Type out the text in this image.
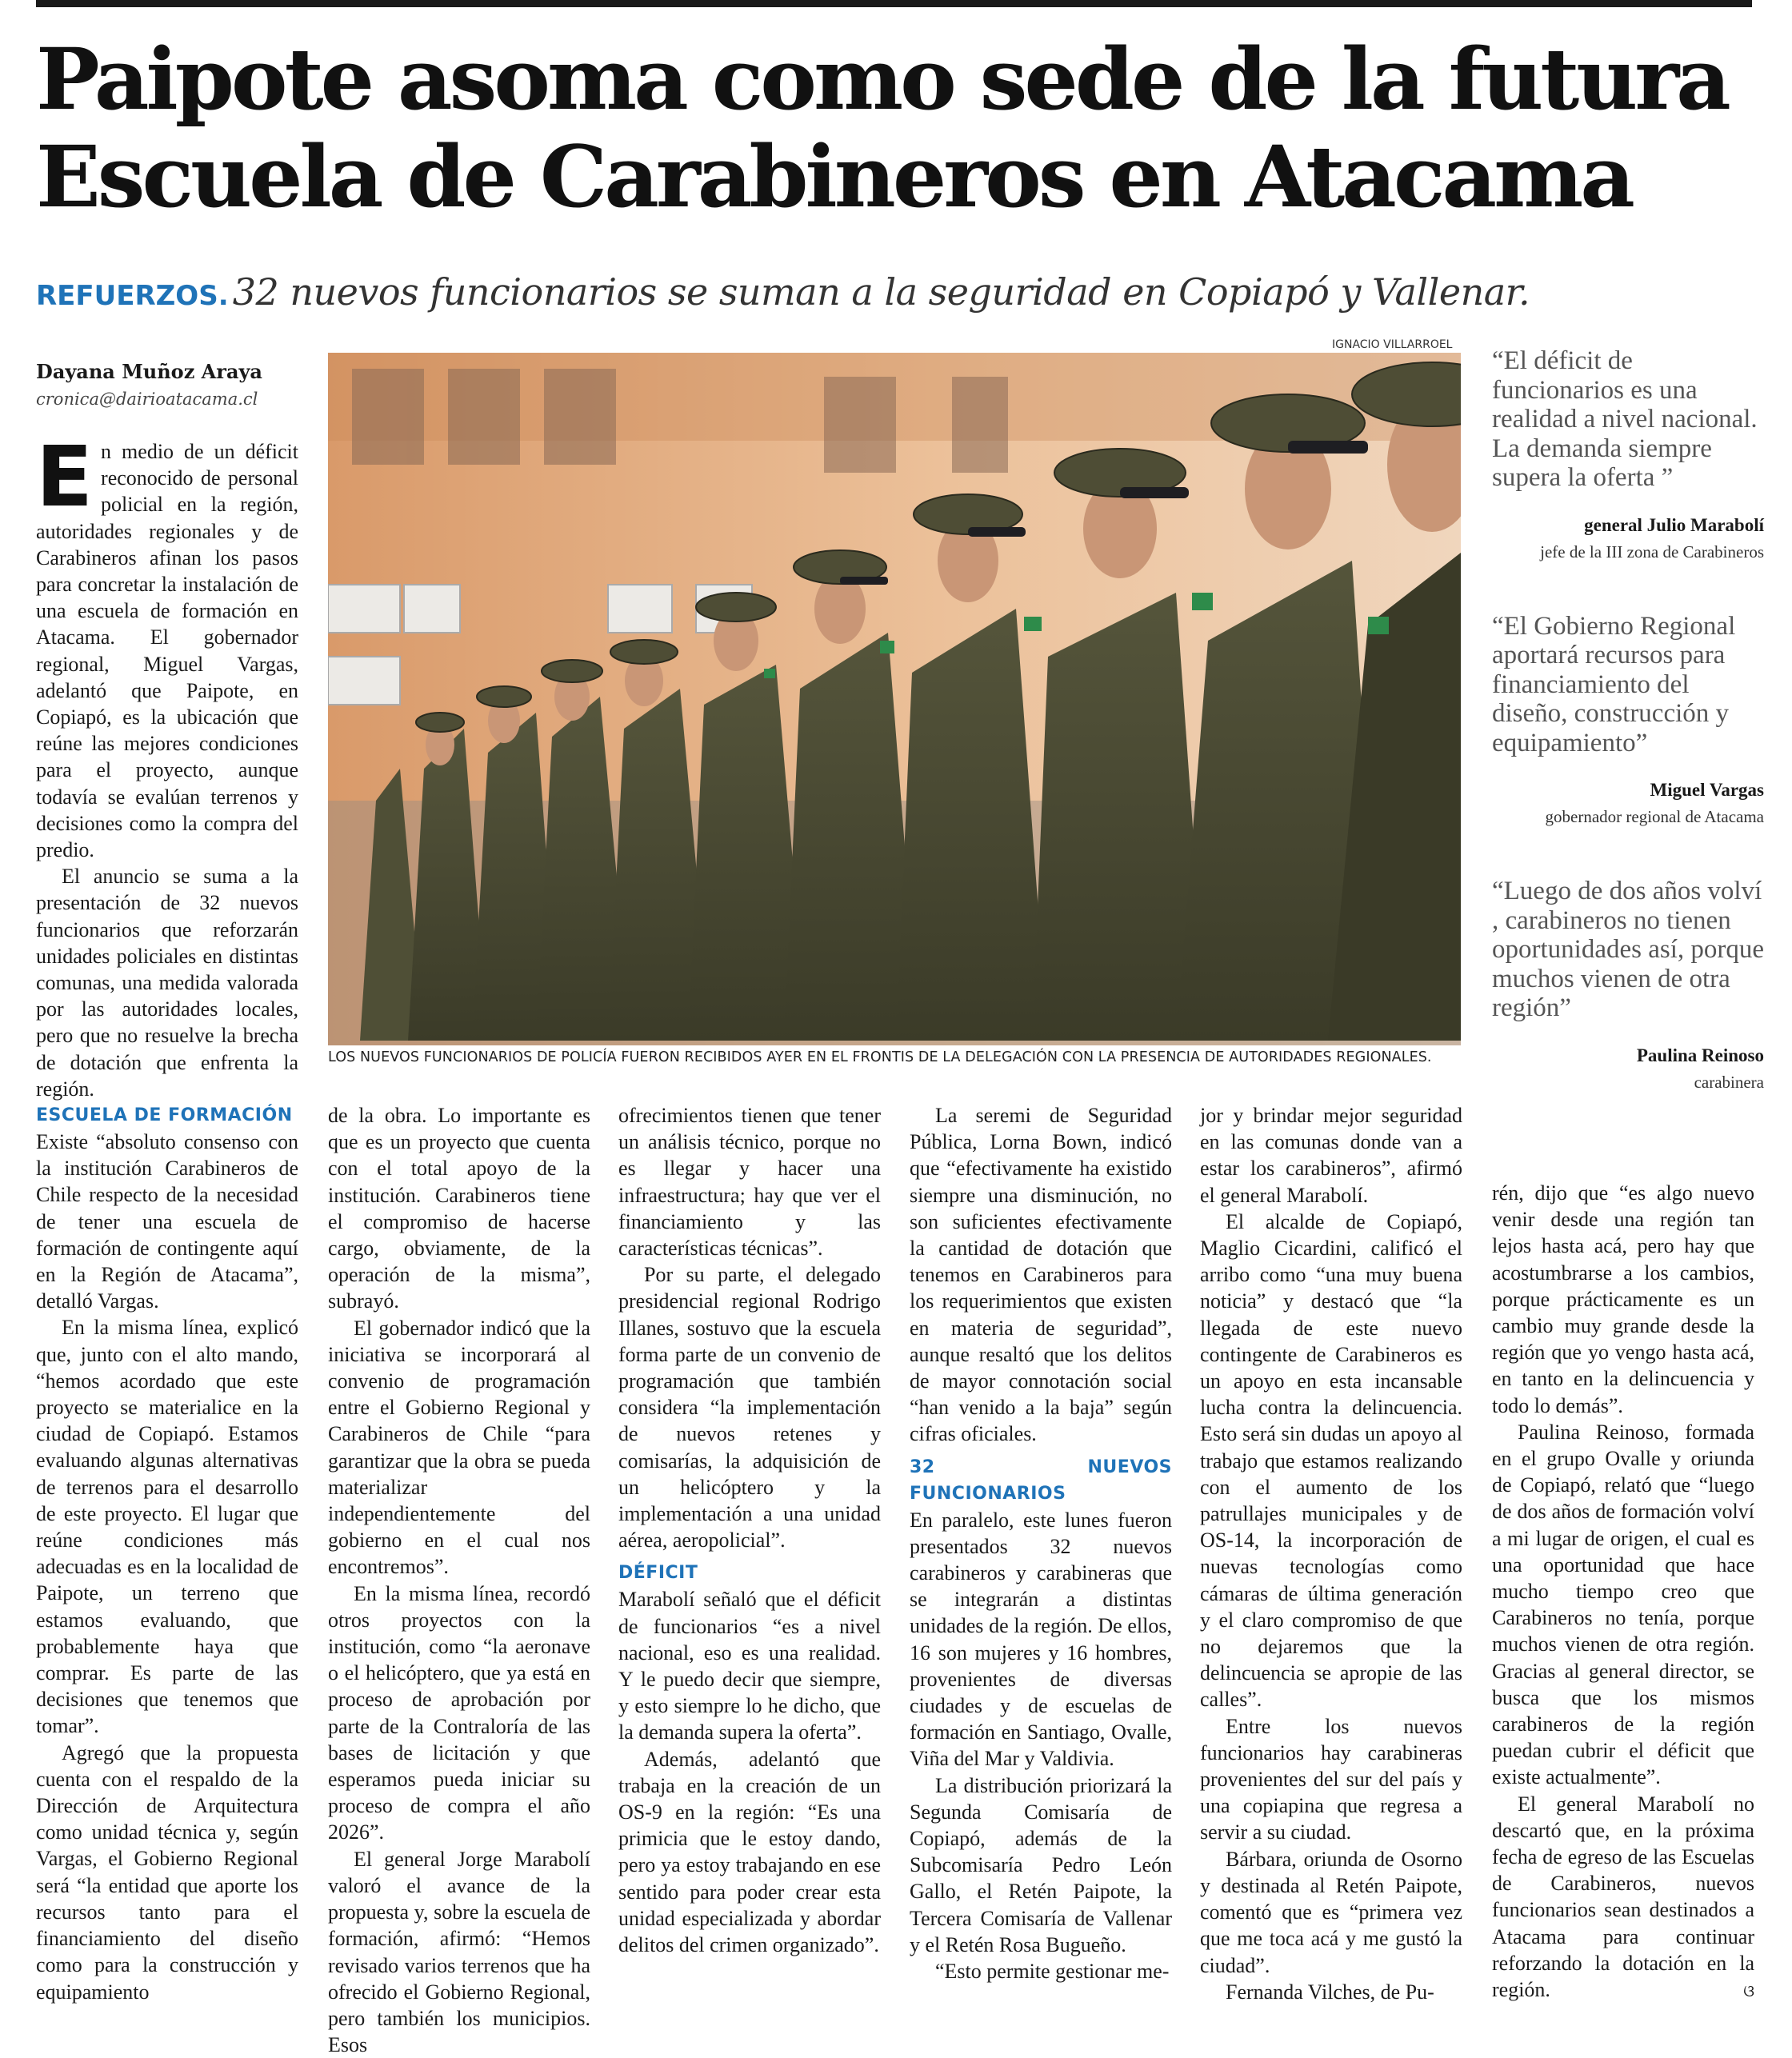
Paipote asoma como sede de la futura Escuela de Carabineros en Atacama
REFUERZOS. 32 nuevos funcionarios se suman a la seguridad en Copiapó y Vallenar.
Dayana Muñoz Araya
cronica@dairioatacama.cl
IGNACIO VILLARROEL
LOS NUEVOS FUNCIONARIOS DE POLICÍA FUERON RECIBIDOS AYER EN EL FRONTIS DE LA DELEGACIÓN CON LA PRESENCIA DE AUTORIDADES REGIONALES.
“El déficit de funcionarios es una realidad a nivel nacional. La demanda siempre supera la oferta ”
general Julio Marabolí
jefe de la III zona de Carabineros
“El Gobierno Regional aportará recursos para financiamiento del diseño, construcción y equipamiento”
Miguel Vargas
gobernador regional de Atacama
“Luego de dos años volví , carabineros no tienen oportunidades así, porque muchos vienen de otra región”
Paulina Reinoso
carabinera

En medio de un déficit reconocido de personal policial en la región, autoridades regionales y de Carabineros afinan los pasos para concretar la instalación de una escuela de formación en Atacama. El gobernador regional, Miguel Vargas, adelantó que Paipote, en Copiapó, es la ubicación que reúne las mejores condiciones para el proyecto, aunque todavía se evalúan terrenos y decisiones como la compra del predio.

El anuncio se suma a la presentación de 32 nuevos funcionarios que reforzarán unidades policiales en distintas comunas, una medida valorada por las autoridades locales, pero que no resuelve la brecha de dotación que enfrenta la región.

ESCUELA DE FORMACIÓN

Existe “absoluto consenso con la institución Carabineros de Chile respecto de la necesidad de tener una escuela de formación de contingente aquí en la Región de Atacama”, detalló Vargas.

En la misma línea, explicó que, junto con el alto mando, “hemos acordado que este proyecto se materialice en la ciudad de Copiapó. Estamos evaluando algunas alternativas de terrenos para el desarrollo de este proyecto. El lugar que reúne condiciones más adecuadas es en la localidad de Paipote, un terreno que estamos evaluando, que probablemente haya que comprar. Es parte de las decisiones que tenemos que tomar”.

Agregó que la propuesta cuenta con el respaldo de la Dirección de Arquitectura como unidad técnica y, según Vargas, el Gobierno Regional será “la entidad que aporte los recursos tanto para el financiamiento del diseño como para la construcción y equipamiento

de la obra. Lo importante es que es un proyecto que cuenta con el total apoyo de la institución. Carabineros tiene el compromiso de hacerse cargo, obviamente, de la operación de la misma”, subrayó.

El gobernador indicó que la iniciativa se incorporará al convenio de programación entre el Gobierno Regional y Carabineros de Chile “para garantizar que la obra se pueda materializar independientemente del gobierno en el cual nos encontremos”.

En la misma línea, recordó otros proyectos con la institución, como “la aeronave o el helicóptero, que ya está en proceso de aprobación por parte de la Contraloría de las bases de licitación y que esperamos pueda iniciar su proceso de compra el año 2026”.

El general Jorge Marabolí valoró el avance de la propuesta y, sobre la escuela de formación, afirmó: “Hemos revisado varios terrenos que ha ofrecido el Gobierno Regional, pero también los municipios. Esos

ofrecimientos tienen que tener un análisis técnico, porque no es llegar y hacer una infraestructura; hay que ver el financiamiento y las características técnicas”.

Por su parte, el delegado presidencial regional Rodrigo Illanes, sostuvo que la escuela forma parte de un convenio de programación que también considera “la implementación de nuevos retenes y comisarías, la adquisición de un helicóptero y la implementación a una unidad aérea, aeropolicial”.

DÉFICIT

Marabolí señaló que el déficit de funcionarios “es a nivel nacional, eso es una realidad. Y le puedo decir que siempre, y esto siempre lo he dicho, que la demanda supera la oferta”.

Además, adelantó que trabaja en la creación de un OS-9 en la región: “Es una primicia que le estoy dando, pero ya estoy trabajando en ese sentido para poder crear esta unidad especializada y abordar delitos del crimen organizado”.

La seremi de Seguridad Pública, Lorna Bown, indicó que “efectivamente ha existido siempre una disminución, no son suficientes efectivamente la cantidad de dotación que tenemos en Carabineros para los requerimientos que existen en materia de seguridad”, aunque resaltó que los delitos de mayor connotación social “han venido a la baja” según cifras oficiales.

32 NUEVOS FUNCIONARIOS

En paralelo, este lunes fueron presentados 32 nuevos carabineros y carabineras que se integrarán a distintas unidades de la región. De ellos, 16 son mujeres y 16 hombres, provenientes de diversas ciudades y de escuelas de formación en Santiago, Ovalle, Viña del Mar y Valdivia.

La distribución priorizará la Segunda Comisaría de Copiapó, además de la Subcomisaría Pedro León Gallo, el Retén Paipote, la Tercera Comisaría de Vallenar y el Retén Rosa Bugueño.

“Esto permite gestionar me-

jor y brindar mejor seguridad en las comunas donde van a estar los carabineros”, afirmó el general Marabolí.

El alcalde de Copiapó, Maglio Cicardini, calificó el arribo como “una muy buena noticia” y destacó que “la llegada de este nuevo contingente de Carabineros es un apoyo en esta incansable lucha contra la delincuencia. Esto será sin dudas un apoyo al trabajo que estamos realizando con el aumento de los patrullajes municipales y de OS-14, la incorporación de nuevas tecnologías como cámaras de última generación y el claro compromiso de que no dejaremos que la delincuencia se apropie de las calles”.

Entre los nuevos funcionarios hay carabineras provenientes del sur del país y una copiapina que regresa a servir a su ciudad.

Bárbara, oriunda de Osorno y destinada al Retén Paipote, comentó que es “primera vez que me toca acá y me gustó la ciudad”.

Fernanda Vilches, de Pu-

rén, dijo que “es algo nuevo venir desde una región tan lejos hasta acá, pero hay que acostumbrarse a los cambios, porque prácticamente es un cambio muy grande desde la región que yo vengo hasta acá, en tanto en la delincuencia y todo lo demás”.

Paulina Reinoso, formada en el grupo Ovalle y oriunda de Copiapó, relató que “luego de dos años de formación volví a mi lugar de origen, el cual es una oportunidad que hace mucho tiempo creo que Carabineros no tenía, porque muchos vienen de otra región. Gracias al general director, se busca que los mismos carabineros de la región puedan cubrir el déficit que existe actualmente”.

El general Marabolí no descartó que, en la próxima fecha de egreso de las Escuelas de Carabineros, nuevos funcionarios sean destinados a Atacama para continuar reforzando la dotación en la región.	ଓ
